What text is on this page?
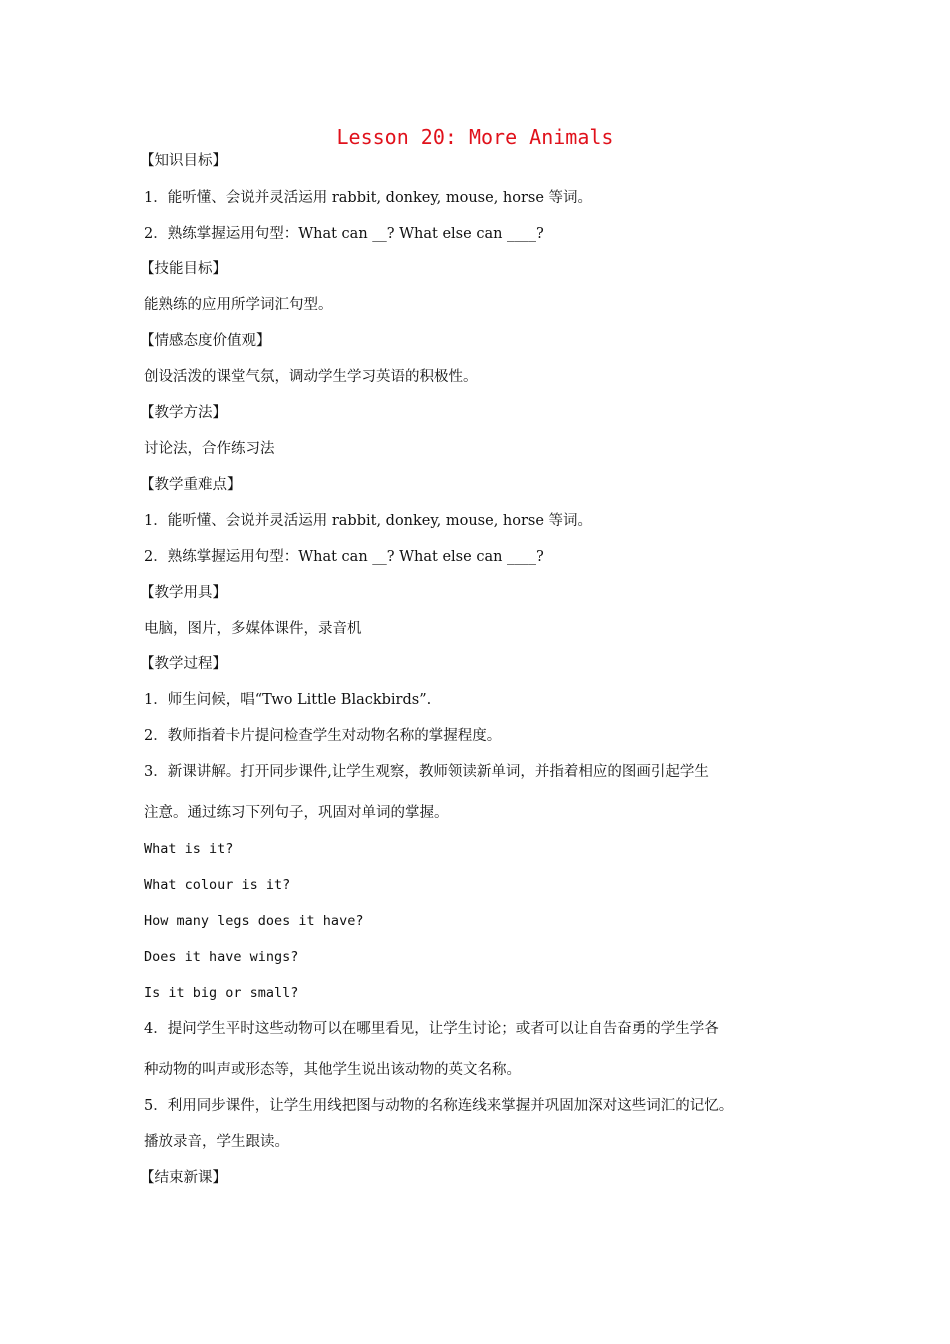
Lesson 20: More Animals
【知识目标】
1．能听懂、会说并灵活运用 rabbit, donkey, mouse, horse 等词。
2．熟练掌握运用句型：What can __? What else can ____?
【技能目标】
能熟练的应用所学词汇句型。
【情感态度价值观】
创设活泼的课堂气氛，调动学生学习英语的积极性。
【教学方法】
讨论法，合作练习法
【教学重难点】
1．能听懂、会说并灵活运用 rabbit, donkey, mouse, horse 等词。
2．熟练掌握运用句型：What can __? What else can ____?
【教学用具】
电脑，图片，多媒体课件，录音机
【教学过程】
1．师生问候，唱“Two Little Blackbirds”.
2．教师指着卡片提问检查学生对动物名称的掌握程度。
3．新课讲解。打开同步课件,让学生观察，教师领读新单词，并指着相应的图画引起学生
注意。通过练习下列句子，巩固对单词的掌握。
What is it?
What colour is it?
How many legs does it have?
Does it have wings?
Is it big or small?
4．提问学生平时这些动物可以在哪里看见，让学生讨论；或者可以让自告奋勇的学生学各
种动物的叫声或形态等，其他学生说出该动物的英文名称。
5．利用同步课件，让学生用线把图与动物的名称连线来掌握并巩固加深对这些词汇的记忆。
播放录音，学生跟读。
【结束新课】
